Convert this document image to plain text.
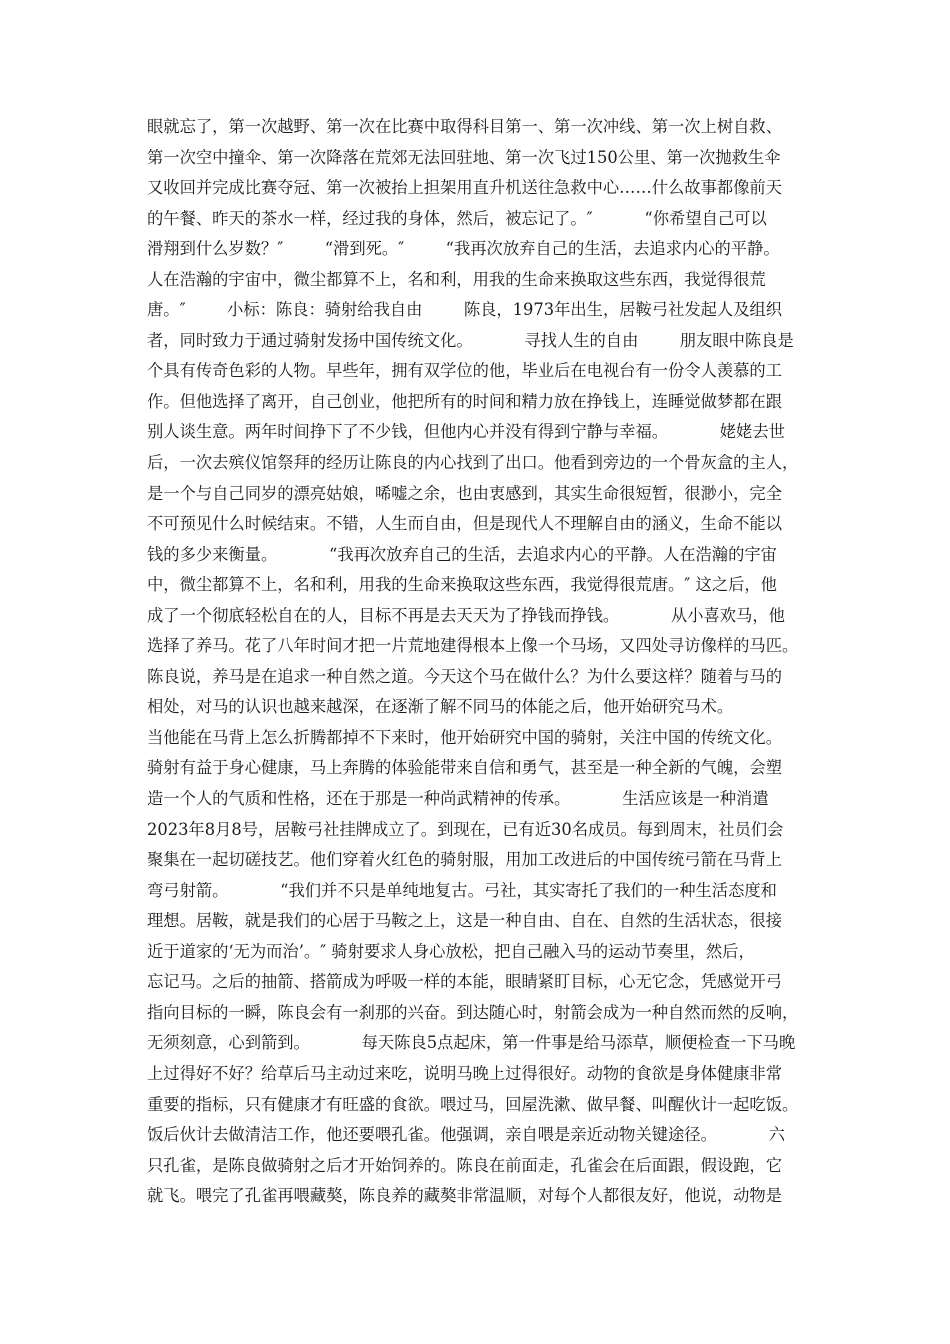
眼就忘了，第一次越野、第一次在比赛中取得科目第一、第一次冲线、第一次上树自救、
第一次空中撞伞、第一次降落在荒郊无法回驻地、第一次飞过150公里、第一次抛救生伞
又收回并完成比赛夺冠、第一次被抬上担架用直升机送往急救中心……什么故事都像前天
的午餐、昨天的茶水一样，经过我的身体，然后，被忘记了。″          “你希望自己可以
滑翔到什么岁数？″        “滑到死。″        “我再次放弃自己的生活，去追求内心的平静。
人在浩瀚的宇宙中，微尘都算不上，名和利，用我的生命来换取这些东西，我觉得很荒
唐。″        小标：陈良：骑射给我自由        陈良，1973年出生，居鞍弓社发起人及组织
者，同时致力于通过骑射发扬中国传统文化。          寻找人生的自由        朋友眼中陈良是
个具有传奇色彩的人物。早些年，拥有双学位的他，毕业后在电视台有一份令人羡慕的工
作。但他选择了离开，自己创业，他把所有的时间和精力放在挣钱上，连睡觉做梦都在跟
别人谈生意。两年时间挣下了不少钱，但他内心并没有得到宁静与幸福。          姥姥去世
后，一次去殡仪馆祭拜的经历让陈良的内心找到了出口。他看到旁边的一个骨灰盒的主人，
是一个与自己同岁的漂亮姑娘，唏嘘之余，也由衷感到，其实生命很短暂，很渺小，完全
不可预见什么时候结束。不错，人生而自由，但是现代人不理解自由的涵义，生命不能以
钱的多少来衡量。          “我再次放弃自己的生活，去追求内心的平静。人在浩瀚的宇宙
中，微尘都算不上，名和利，用我的生命来换取这些东西，我觉得很荒唐。″ 这之后，他
成了一个彻底轻松自在的人，目标不再是去天天为了挣钱而挣钱。          从小喜欢马，他
选择了养马。花了八年时间才把一片荒地建得根本上像一个马场，又四处寻访像样的马匹。
陈良说，养马是在追求一种自然之道。今天这个马在做什么？为什么要这样？随着与马的
相处，对马的认识也越来越深，在逐渐了解不同马的体能之后，他开始研究马术。
当他能在马背上怎么折腾都掉不下来时，他开始研究中国的骑射，关注中国的传统文化。
骑射有益于身心健康，马上奔腾的体验能带来自信和勇气，甚至是一种全新的气魄，会塑
造一个人的气质和性格，还在于那是一种尚武精神的传承。          生活应该是一种消遣
2023年8月8号，居鞍弓社挂牌成立了。到现在，已有近30名成员。每到周末，社员们会
聚集在一起切磋技艺。他们穿着火红色的骑射服，用加工改进后的中国传统弓箭在马背上
弯弓射箭。          “我们并不只是单纯地复古。弓社，其实寄托了我们的一种生活态度和
理想。居鞍，就是我们的心居于马鞍之上，这是一种自由、自在、自然的生活状态，很接
近于道家的‘无为而治’。″ 骑射要求人身心放松，把自己融入马的运动节奏里，然后，
忘记马。之后的抽箭、搭箭成为呼吸一样的本能，眼睛紧盯目标，心无它念，凭感觉开弓
指向目标的一瞬，陈良会有一刹那的兴奋。到达随心时，射箭会成为一种自然而然的反响，
无须刻意，心到箭到。          每天陈良5点起床，第一件事是给马添草，顺便检查一下马晚
上过得好不好？给草后马主动过来吃，说明马晚上过得很好。动物的食欲是身体健康非常
重要的指标，只有健康才有旺盛的食欲。喂过马，回屋洗漱、做早餐、叫醒伙计一起吃饭。
饭后伙计去做清洁工作，他还要喂孔雀。他强调，亲自喂是亲近动物关键途径。          六
只孔雀，是陈良做骑射之后才开始饲养的。陈良在前面走，孔雀会在后面跟，假设跑，它
就飞。喂完了孔雀再喂藏獒，陈良养的藏獒非常温顺，对每个人都很友好，他说，动物是
